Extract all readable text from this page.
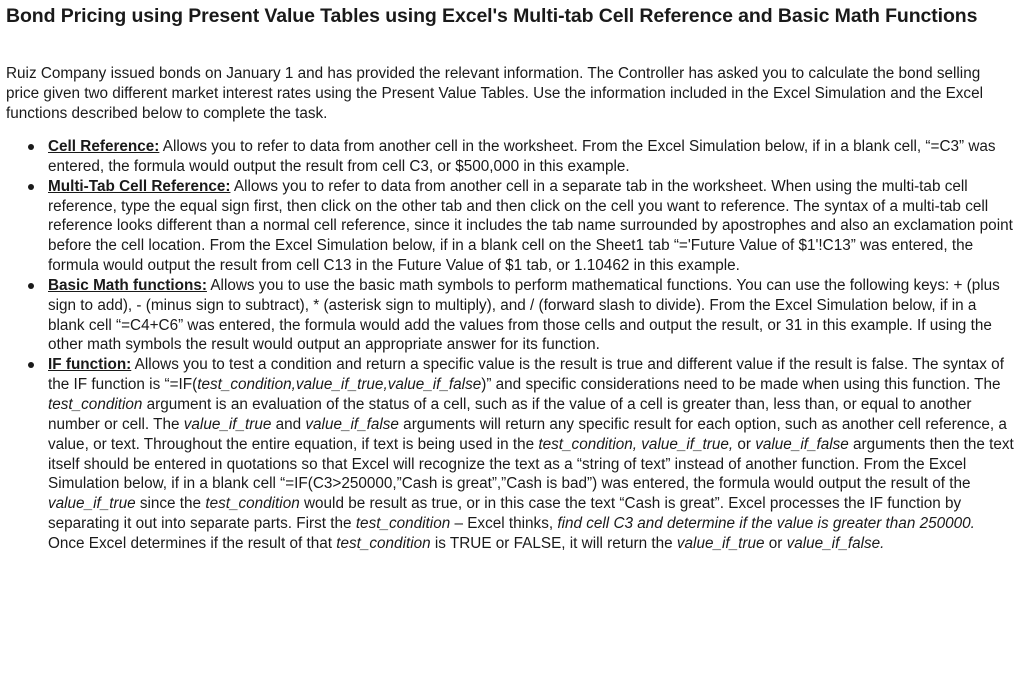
Bond Pricing using Present Value Tables using Excel's Multi-tab Cell Reference and Basic Math Functions

Ruiz Company issued bonds on January 1 and has provided the relevant information. The Controller has asked you to calculate the bond selling price given two different market interest rates using the Present Value Tables. Use the information included in the Excel Simulation and the Excel functions described below to complete the task.

Cell Reference: Allows you to refer to data from another cell in the worksheet. From the Excel Simulation below, if in a blank cell, “=C3” was entered, the formula would output the result from cell C3, or $500,000 in this example.
Multi-Tab Cell Reference: Allows you to refer to data from another cell in a separate tab in the worksheet. When using the multi-tab cell reference, type the equal sign first, then click on the other tab and then click on the cell you want to reference. The syntax of a multi-tab cell reference looks different than a normal cell reference, since it includes the tab name surrounded by apostrophes and also an exclamation point before the cell location. From the Excel Simulation below, if in a blank cell on the Sheet1 tab “='Future Value of $1'!C13” was entered, the formula would output the result from cell C13 in the Future Value of $1 tab, or 1.10462 in this example.
Basic Math functions: Allows you to use the basic math symbols to perform mathematical functions. You can use the following keys: + (plus sign to add), - (minus sign to subtract), * (asterisk sign to multiply), and / (forward slash to divide). From the Excel Simulation below, if in a blank cell “=C4+C6” was entered, the formula would add the values from those cells and output the result, or 31 in this example. If using the other math symbols the result would output an appropriate answer for its function.
IF function: Allows you to test a condition and return a specific value is the result is true and different value if the result is false. The syntax of the IF function is “=IF(test_condition,value_if_true,value_if_false)” and specific considerations need to be made when using this function. The test_condition argument is an evaluation of the status of a cell, such as if the value of a cell is greater than, less than, or equal to another number or cell. The value_if_true and value_if_false arguments will return any specific result for each option, such as another cell reference, a value, or text. Throughout the entire equation, if text is being used in the test_condition, value_if_true, or value_if_false arguments then the text itself should be entered in quotations so that Excel will recognize the text as a “string of text” instead of another function. From the Excel Simulation below, if in a blank cell “=IF(C3>250000,”Cash is great”,”Cash is bad”) was entered, the formula would output the result of the value_if_true since the test_condition would be result as true, or in this case the text “Cash is great”. Excel processes the IF function by separating it out into separate parts. First the test_condition – Excel thinks, find cell C3 and determine if the value is greater than 250000. Once Excel determines if the result of that test_condition is TRUE or FALSE, it will return the value_if_true or value_if_false.
